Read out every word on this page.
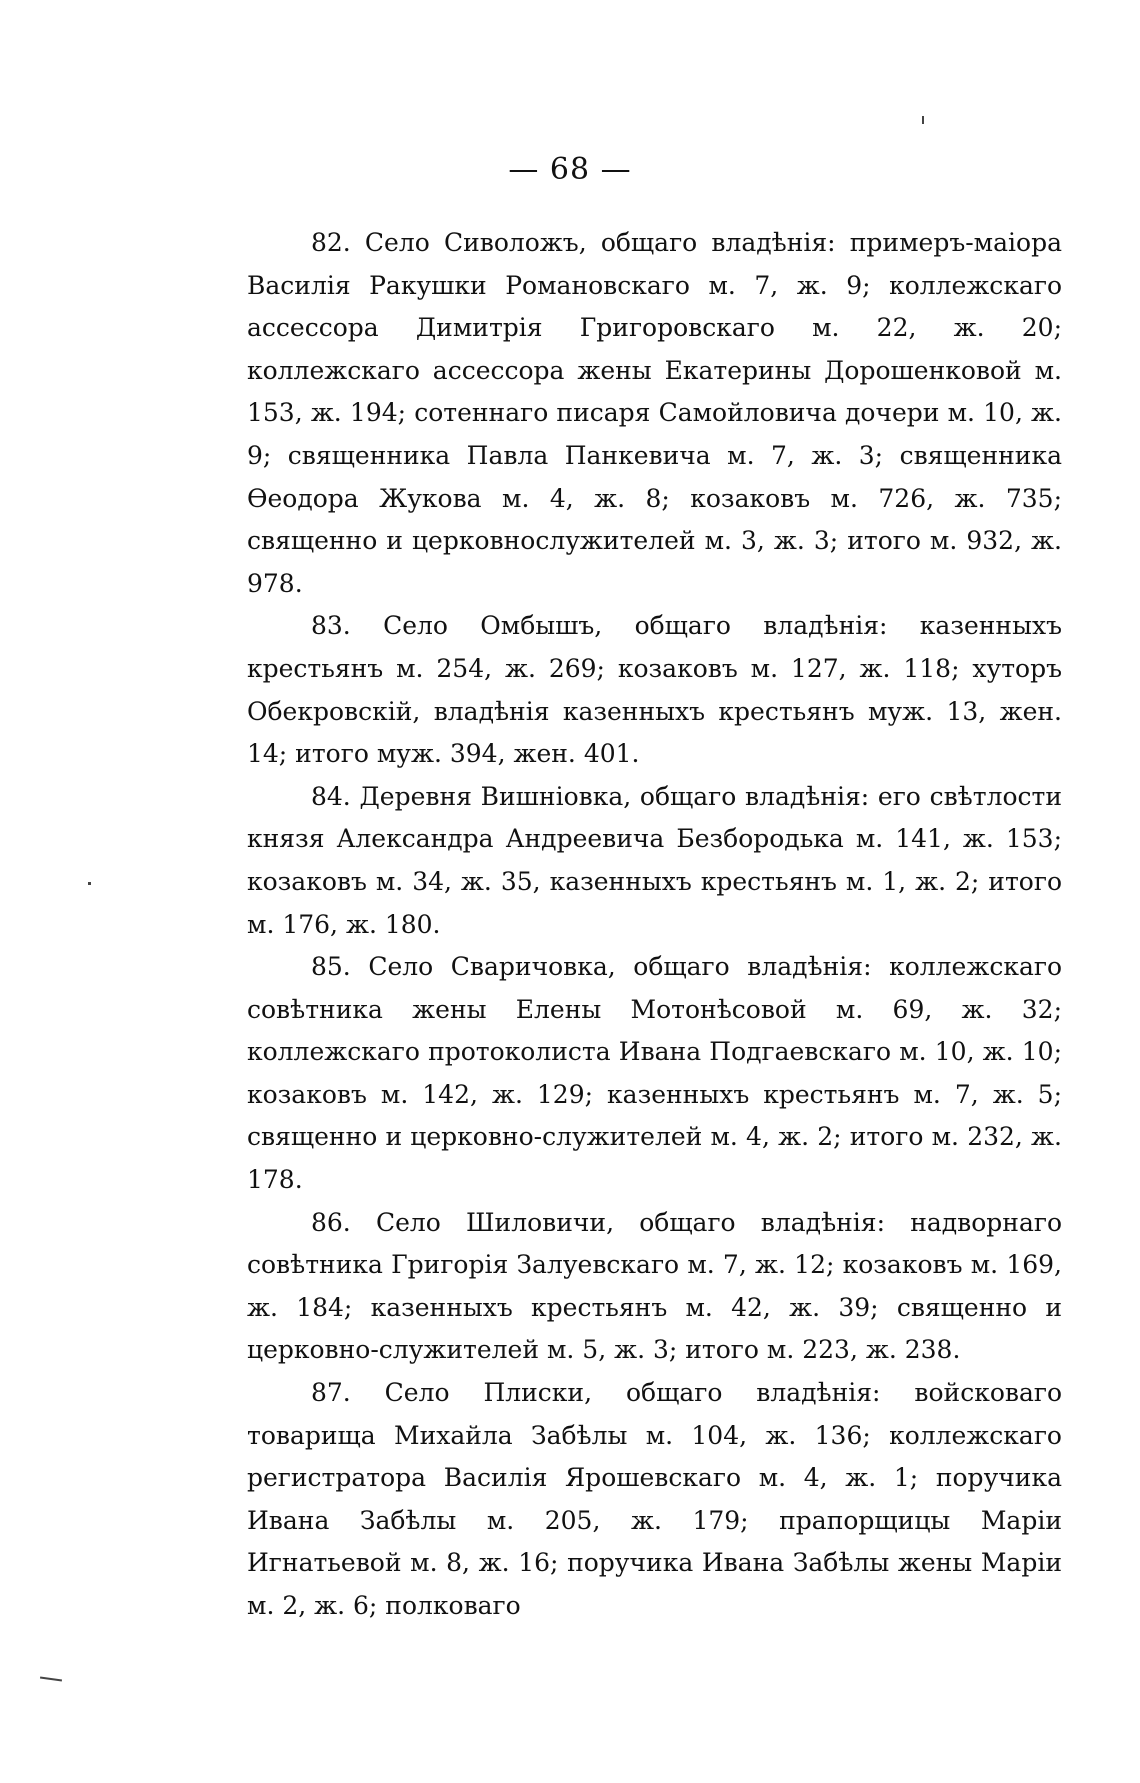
— 68 —

82. Село Сиволожъ, общаго владѣнія: примеръ-маіора Василія Ракушки Романовскаго м. 7, ж. 9; коллежскаго ассессора Димитрія Григоровскаго м. 22, ж. 20; коллежскаго ассессора жены Екатерины Дорошенковой м. 153, ж. 194; сотеннаго писаря Самойловича дочери м. 10, ж. 9; священника Павла Панкевича м. 7, ж. 3; священника Ѳеодора Жукова м. 4, ж. 8; козаковъ м. 726, ж. 735; священно и церковнослужителей м. 3, ж. 3; итого м. 932, ж. 978.

83. Село Омбышъ, общаго владѣнія: казенныхъ крестьянъ м. 254, ж. 269; козаковъ м. 127, ж. 118; хуторъ Обекровскій, владѣнія казенныхъ крестьянъ муж. 13, жен. 14; итого муж. 394, жен. 401.

84. Деревня Вишніовка, общаго владѣнія: его свѣтлости князя Александра Андреевича Безбородька м. 141, ж. 153; козаковъ м. 34, ж. 35, казенныхъ крестьянъ м. 1, ж. 2; итого м. 176, ж. 180.

85. Село Сваричовка, общаго владѣнія: коллежскаго совѣтника жены Елены Мотонѣсовой м. 69, ж. 32; коллежскаго протоколиста Ивана Подгаевскаго м. 10, ж. 10; козаковъ м. 142, ж. 129; казенныхъ крестьянъ м. 7, ж. 5; священно и церковно-служителей м. 4, ж. 2; итого м. 232, ж. 178.

86. Село Шиловичи, общаго владѣнія: надворнаго совѣтника Григорія Залуевскаго м. 7, ж. 12; козаковъ м. 169, ж. 184; казенныхъ крестьянъ м. 42, ж. 39; священно и церковно-служителей м. 5, ж. 3; итого м. 223, ж. 238.

87. Село Плиски, общаго владѣнія: войсковаго товарища Михайла Забѣлы м. 104, ж. 136; коллежскаго регистратора Василія Ярошевскаго м. 4, ж. 1; поручика Ивана Забѣлы м. 205, ж. 179; прапорщицы Маріи Игнатьевой м. 8, ж. 16; поручика Ивана Забѣлы жены Маріи м. 2, ж. 6; полковаго
